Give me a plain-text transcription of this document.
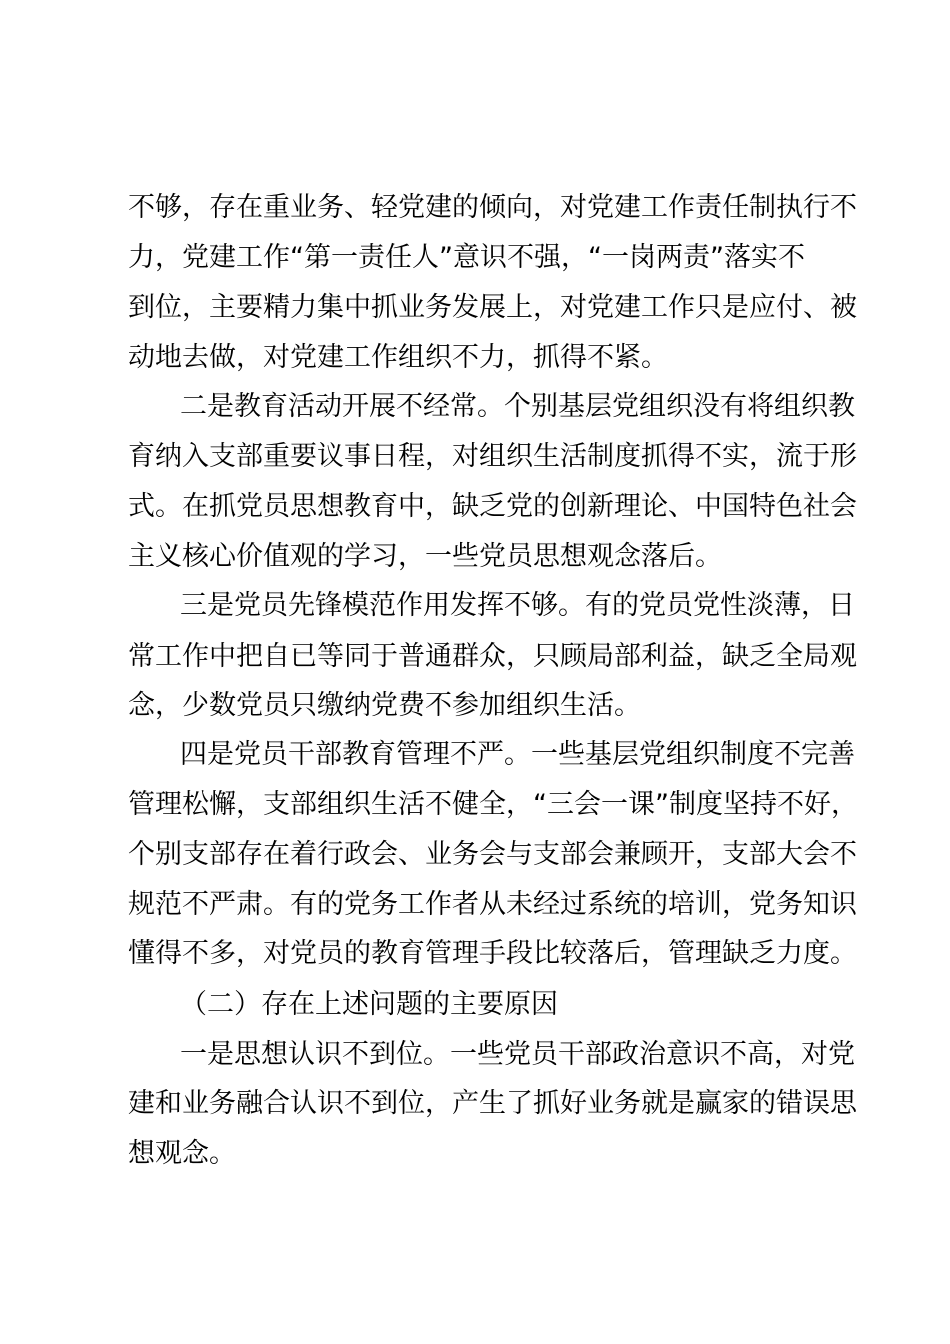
不够，存在重业务、轻党建的倾向，对党建工作责任制执行不
力，党建工作“第一责任人”意识不强，“一岗两责”落实不
到位，主要精力集中抓业务发展上，对党建工作只是应付、被
动地去做，对党建工作组织不力，抓得不紧。
二是教育活动开展不经常。个别基层党组织没有将组织教
育纳入支部重要议事日程，对组织生活制度抓得不实，流于形
式。在抓党员思想教育中，缺乏党的创新理论、中国特色社会
主义核心价值观的学习，一些党员思想观念落后。
三是党员先锋模范作用发挥不够。有的党员党性淡薄，日
常工作中把自已等同于普通群众，只顾局部利益，缺乏全局观
念，少数党员只缴纳党费不参加组织生活。
四是党员干部教育管理不严。一些基层党组织制度不完善
管理松懈，支部组织生活不健全，“三会一课”制度坚持不好，
个别支部存在着行政会、业务会与支部会兼顾开，支部大会不
规范不严肃。有的党务工作者从未经过系统的培训，党务知识
懂得不多，对党员的教育管理手段比较落后，管理缺乏力度。
（二）存在上述问题的主要原因
一是思想认识不到位。一些党员干部政治意识不高，对党
建和业务融合认识不到位，产生了抓好业务就是赢家的错误思
想观念。
